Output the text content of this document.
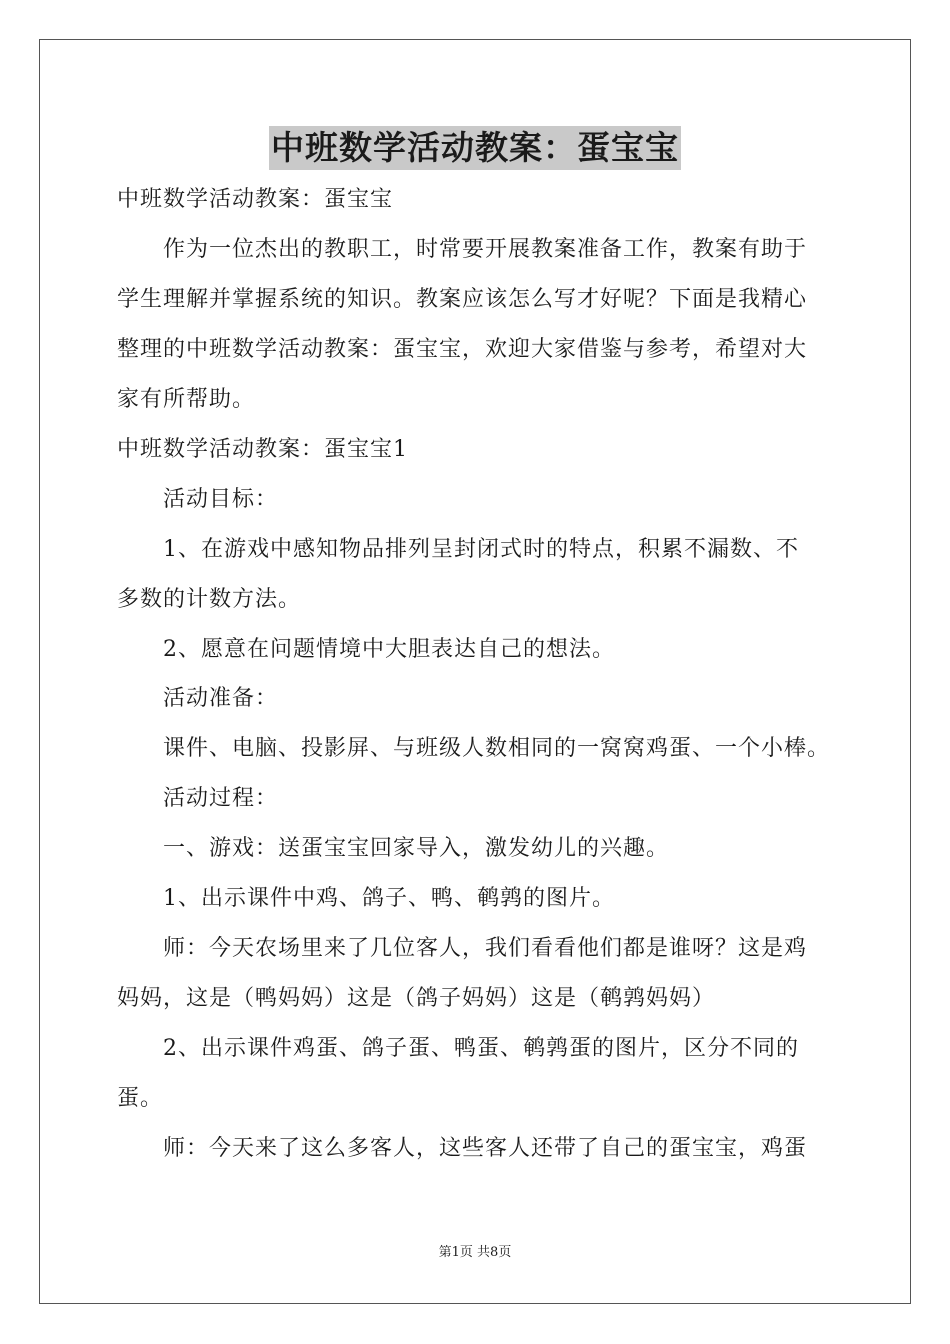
中班数学活动教案：蛋宝宝
中班数学活动教案：蛋宝宝
作为一位杰出的教职工，时常要开展教案准备工作，教案有助于
学生理解并掌握系统的知识。教案应该怎么写才好呢？下面是我精心
整理的中班数学活动教案：蛋宝宝，欢迎大家借鉴与参考，希望对大
家有所帮助。
中班数学活动教案：蛋宝宝1
活动目标：
1、在游戏中感知物品排列呈封闭式时的特点，积累不漏数、不
多数的计数方法。
2、愿意在问题情境中大胆表达自己的想法。
活动准备：
课件、电脑、投影屏、与班级人数相同的一窝窝鸡蛋、一个小棒。
活动过程：
一、游戏：送蛋宝宝回家导入，激发幼儿的兴趣。
1、出示课件中鸡、鸽子、鸭、鹌鹑的图片。
师：今天农场里来了几位客人，我们看看他们都是谁呀？这是鸡
妈妈，这是（鸭妈妈）这是（鸽子妈妈）这是（鹌鹑妈妈）
2、出示课件鸡蛋、鸽子蛋、鸭蛋、鹌鹑蛋的图片，区分不同的
蛋。
师：今天来了这么多客人，这些客人还带了自己的蛋宝宝，鸡蛋
第1页 共8页
